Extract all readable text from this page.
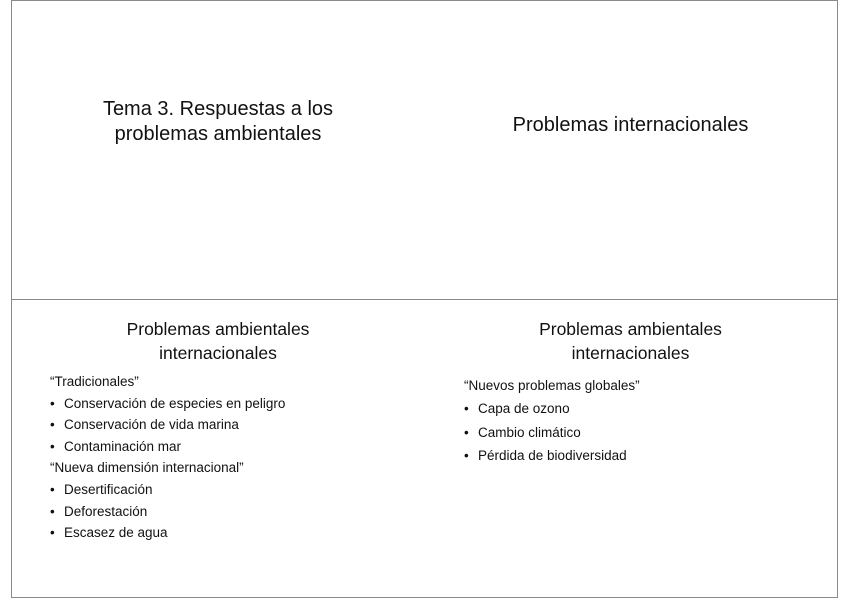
Tema 3. Respuestas a los
problemas ambientales	Problemas internacionales
Problemas ambientales
internacionales
“Tradicionales”
• Conservación de especies en peligro
• Conservación de vida marina
• Contaminación mar
“Nueva dimensión internacional”
• Desertificación
• Deforestación
• Escasez de agua
Problemas ambientales
internacionales
“Nuevos problemas globales”
• Capa de ozono
• Cambio climático
• Pérdida de biodiversidad
